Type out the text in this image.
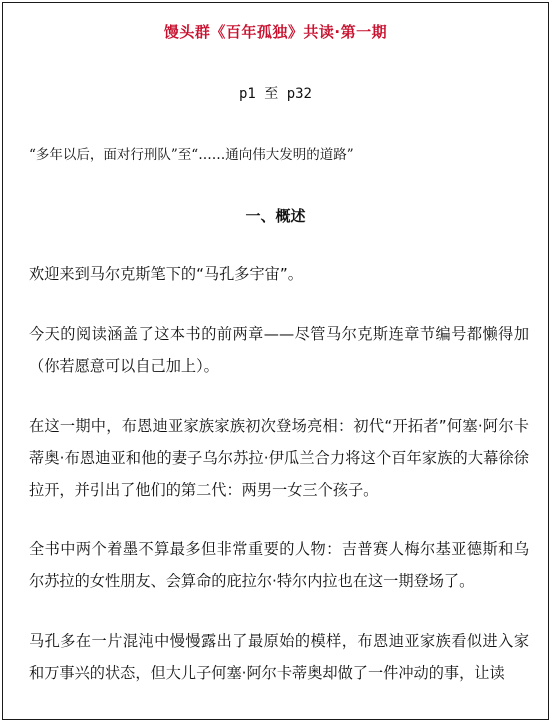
馒头群《百年孤独》共读·第一期
p1 至 p32
“多年以后，面对行刑队”至“……通向伟大发明的道路”
一、概述

欢迎来到马尔克斯笔下的“马孔多宇宙”。

今天的阅读涵盖了这本书的前两章——尽管马尔克斯连章节编号都懒得加（你若愿意可以自己加上）。

在这一期中，布恩迪亚家族家族初次登场亮相：初代“开拓者”何塞·阿尔卡蒂奥·布恩迪亚和他的妻子乌尔苏拉·伊瓜兰合力将这个百年家族的大幕徐徐拉开，并引出了他们的第二代：两男一女三个孩子。

全书中两个着墨不算最多但非常重要的人物：吉普赛人梅尔基亚德斯和乌尔苏拉的女性朋友、会算命的庇拉尔·特尔内拉也在这一期登场了。

马孔多在一片混沌中慢慢露出了最原始的模样，布恩迪亚家族看似进入家和万事兴的状态，但大儿子何塞·阿尔卡蒂奥却做了一件冲动的事，让读
